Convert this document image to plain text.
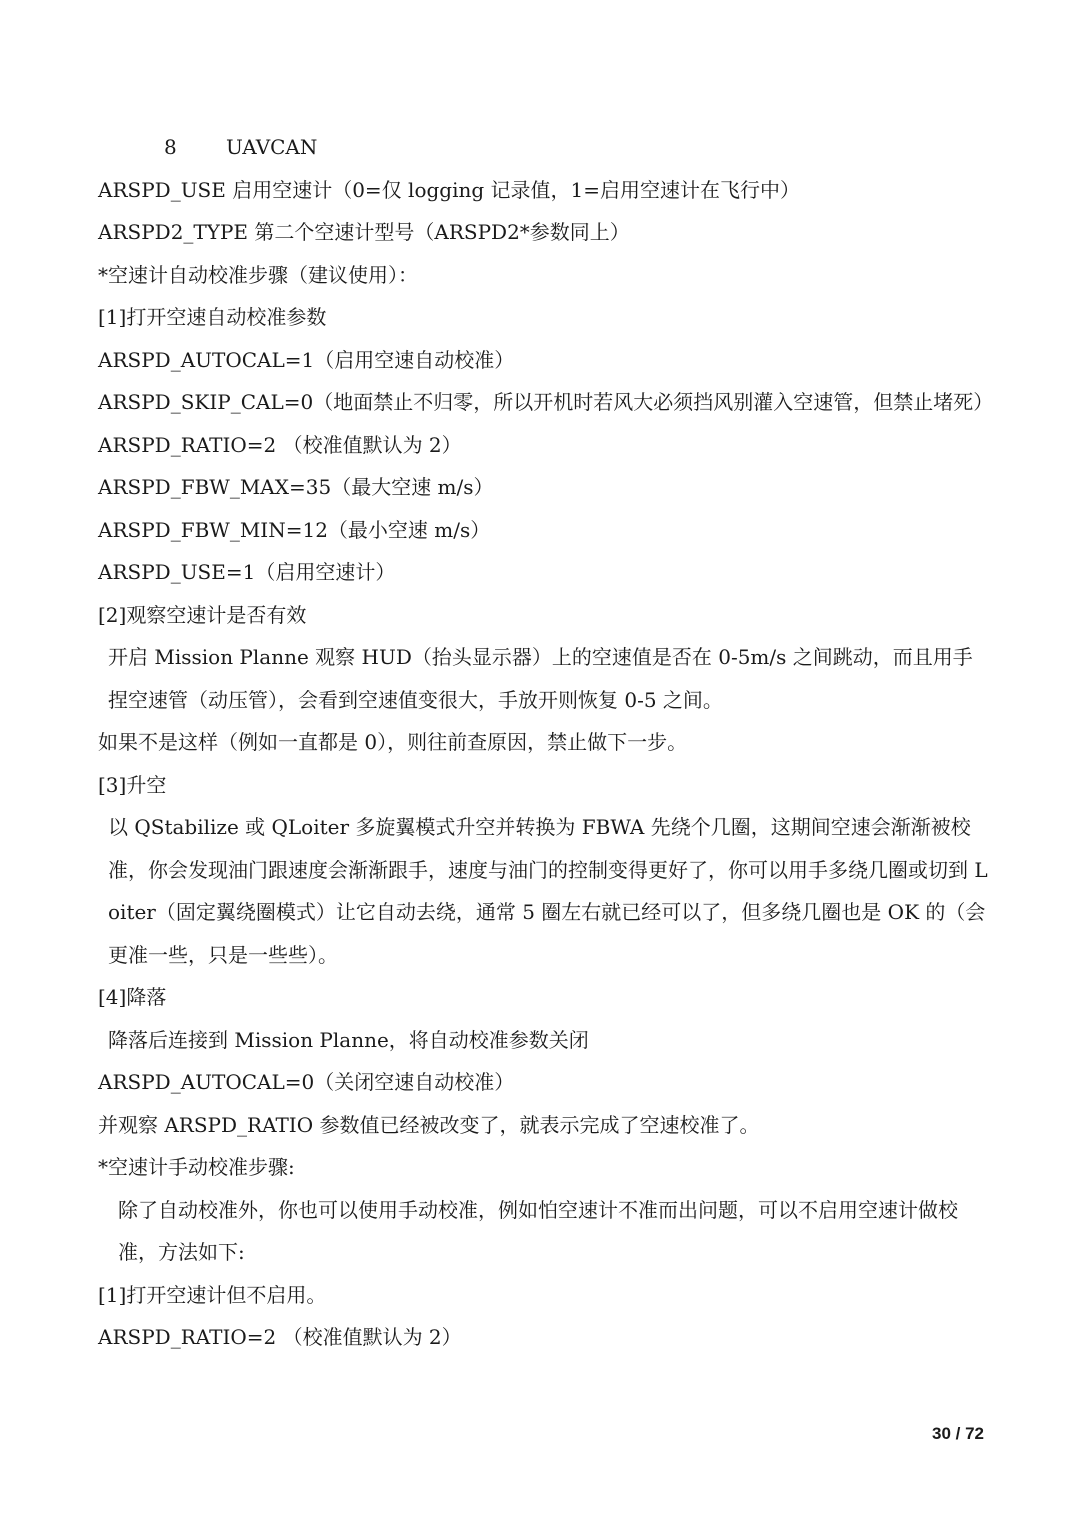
8	UAVCAN

ARSPD_USE 启用空速计（0=仅 logging 记录值，1=启用空速计在飞行中）

ARSPD2_TYPE 第二个空速计型号（ARSPD2*参数同上）

*空速计自动校准步骤（建议使用）：

[1]打开空速自动校准参数

ARSPD_AUTOCAL=1（启用空速自动校准）

ARSPD_SKIP_CAL=0（地面禁止不归零，所以开机时若风大必须挡风别灌入空速管，但禁止堵死）

ARSPD_RATIO=2 （校准值默认为 2）

ARSPD_FBW_MAX=35（最大空速 m/s）

ARSPD_FBW_MIN=12（最小空速 m/s）

ARSPD_USE=1（启用空速计）

[2]观察空速计是否有效

开启 Mission Planne 观察 HUD（抬头显示器）上的空速值是否在 0-5m/s 之间跳动，而且用手捏空速管（动压管），会看到空速值变很大，手放开则恢复 0-5 之间。

如果不是这样（例如一直都是 0），则往前查原因，禁止做下一步。

[3]升空

以 QStabilize 或 QLoiter 多旋翼模式升空并转换为 FBWA 先绕个几圈，这期间空速会渐渐被校准，你会发现油门跟速度会渐渐跟手，速度与油门的控制变得更好了，你可以用手多绕几圈或切到 Loiter（固定翼绕圈模式）让它自动去绕，通常 5 圈左右就已经可以了，但多绕几圈也是 OK 的（会更准一些，只是一些些）。

[4]降落

降落后连接到 Mission Planne，将自动校准参数关闭

ARSPD_AUTOCAL=0（关闭空速自动校准）

并观察 ARSPD_RATIO 参数值已经被改变了，就表示完成了空速校准了。

*空速计手动校准步骤:

除了自动校准外，你也可以使用手动校准，例如怕空速计不准而出问题，可以不启用空速计做校准，方法如下:

[1]打开空速计但不启用。

ARSPD_RATIO=2 （校准值默认为 2）

30 / 72
